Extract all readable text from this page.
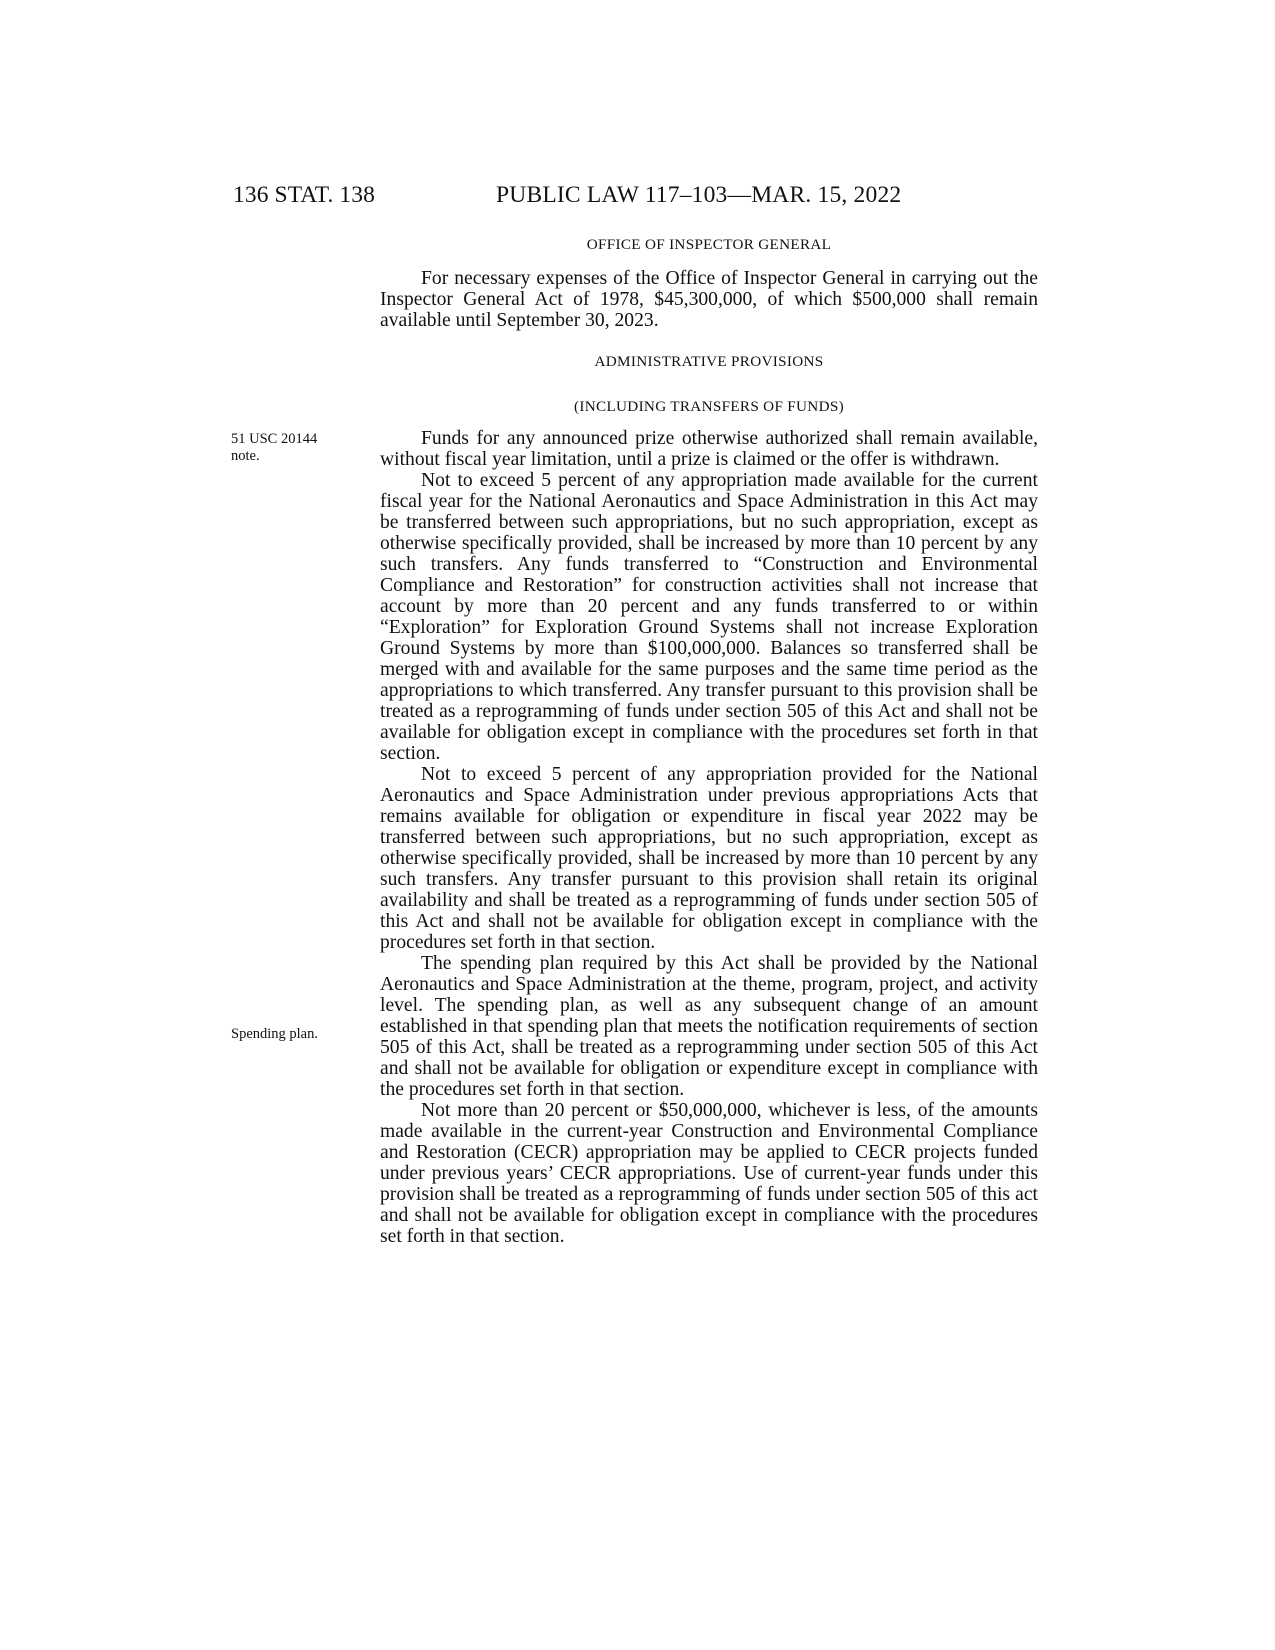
136 STAT. 138	PUBLIC LAW 117–103—MAR. 15, 2022
OFFICE OF INSPECTOR GENERAL

For necessary expenses of the Office of Inspector General in carrying out the Inspector General Act of 1978, $45,300,000, of which $500,000 shall remain available until September 30, 2023.

ADMINISTRATIVE PROVISIONS
(INCLUDING TRANSFERS OF FUNDS)
51 USC 20144
note.
Spending plan.

Funds for any announced prize otherwise authorized shall remain available, without fiscal year limitation, until a prize is claimed or the offer is withdrawn.

Not to exceed 5 percent of any appropriation made available for the current fiscal year for the National Aeronautics and Space Administration in this Act may be transferred between such appropriations, but no such appropriation, except as otherwise specifically provided, shall be increased by more than 10 percent by any such transfers. Any funds transferred to “Construction and Environmental Compliance and Restoration” for construction activities shall not increase that account by more than 20 percent and any funds transferred to or within “Exploration” for Exploration Ground Systems shall not increase Exploration Ground Systems by more than $100,000,000. Balances so transferred shall be merged with and available for the same purposes and the same time period as the appropriations to which transferred. Any transfer pursuant to this provision shall be treated as a reprogramming of funds under section 505 of this Act and shall not be available for obligation except in compliance with the procedures set forth in that section.

Not to exceed 5 percent of any appropriation provided for the National Aeronautics and Space Administration under previous appropriations Acts that remains available for obligation or expenditure in fiscal year 2022 may be transferred between such appropriations, but no such appropriation, except as otherwise specifically provided, shall be increased by more than 10 percent by any such transfers. Any transfer pursuant to this provision shall retain its original availability and shall be treated as a reprogramming of funds under section 505 of this Act and shall not be available for obligation except in compliance with the procedures set forth in that section.

The spending plan required by this Act shall be provided by the National Aeronautics and Space Administration at the theme, program, project, and activity level. The spending plan, as well as any subsequent change of an amount established in that spending plan that meets the notification requirements of section 505 of this Act, shall be treated as a reprogramming under section 505 of this Act and shall not be available for obligation or expenditure except in compliance with the procedures set forth in that section.

Not more than 20 percent or $50,000,000, whichever is less, of the amounts made available in the current-year Construction and Environmental Compliance and Restoration (CECR) appropriation may be applied to CECR projects funded under previous years’ CECR appropriations. Use of current-year funds under this provision shall be treated as a reprogramming of funds under section 505 of this act and shall not be available for obligation except in compliance with the procedures set forth in that section.
